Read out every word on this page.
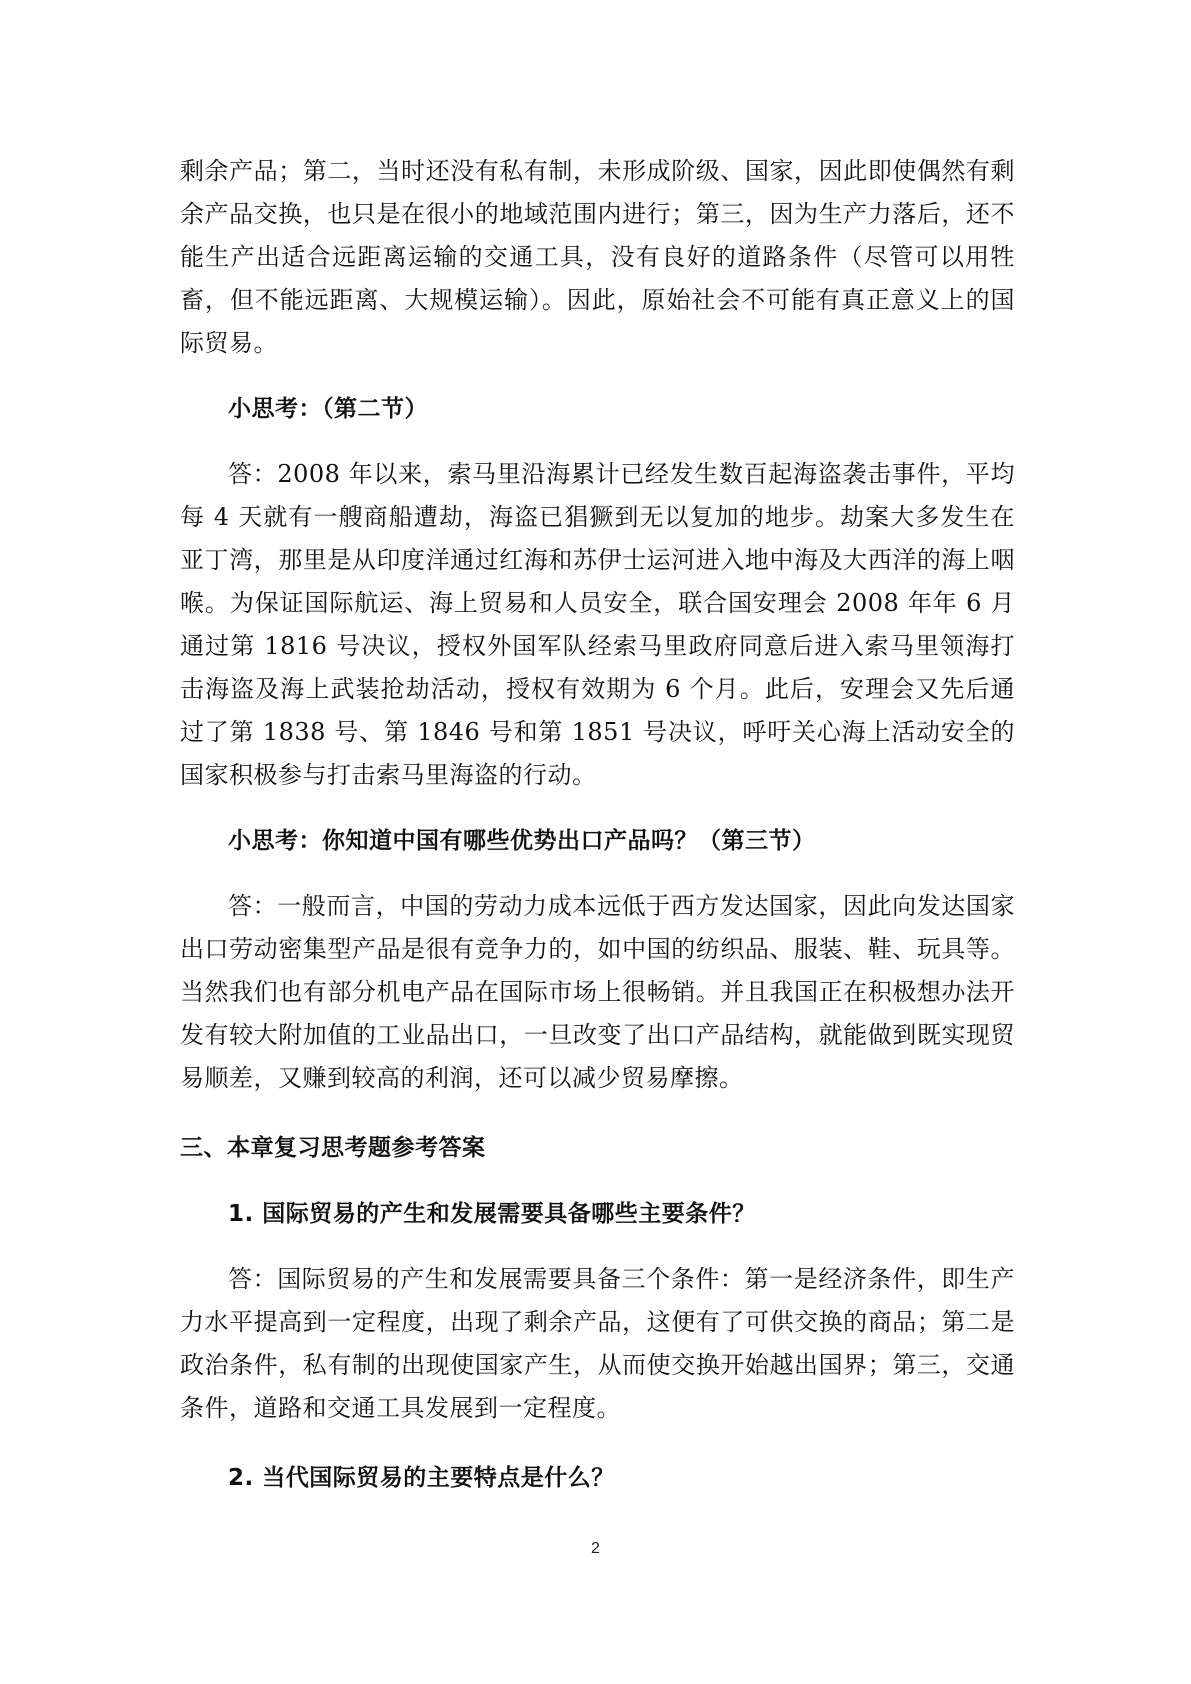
剩余产品；第二，当时还没有私有制，未形成阶级、国家，因此即使偶然有剩余产品交换，也只是在很小的地域范围内进行；第三，因为生产力落后，还不能生产出适合远距离运输的交通工具，没有良好的道路条件（尽管可以用牲畜，但不能远距离、大规模运输）。因此，原始社会不可能有真正意义上的国际贸易。

小思考：（第二节）

答：2008 年以来，索马里沿海累计已经发生数百起海盗袭击事件，平均每 4 天就有一艘商船遭劫，海盗已猖獗到无以复加的地步。劫案大多发生在亚丁湾，那里是从印度洋通过红海和苏伊士运河进入地中海及大西洋的海上咽喉。为保证国际航运、海上贸易和人员安全，联合国安理会 2008 年年 6 月通过第 1816 号决议，授权外国军队经索马里政府同意后进入索马里领海打击海盗及海上武装抢劫活动，授权有效期为 6 个月。此后，安理会又先后通过了第 1838 号、第 1846 号和第 1851 号决议，呼吁关心海上活动安全的国家积极参与打击索马里海盗的行动。

小思考：你知道中国有哪些优势出口产品吗？（第三节）

答：一般而言，中国的劳动力成本远低于西方发达国家，因此向发达国家出口劳动密集型产品是很有竞争力的，如中国的纺织品、服装、鞋、玩具等。当然我们也有部分机电产品在国际市场上很畅销。并且我国正在积极想办法开发有较大附加值的工业品出口，一旦改变了出口产品结构，就能做到既实现贸易顺差，又赚到较高的利润，还可以减少贸易摩擦。

三、本章复习思考题参考答案
1. 国际贸易的产生和发展需要具备哪些主要条件？

答：国际贸易的产生和发展需要具备三个条件：第一是经济条件，即生产力水平提高到一定程度，出现了剩余产品，这便有了可供交换的商品；第二是政治条件，私有制的出现使国家产生，从而使交换开始越出国界；第三，交通条件，道路和交通工具发展到一定程度。

2. 当代国际贸易的主要特点是什么？
2
